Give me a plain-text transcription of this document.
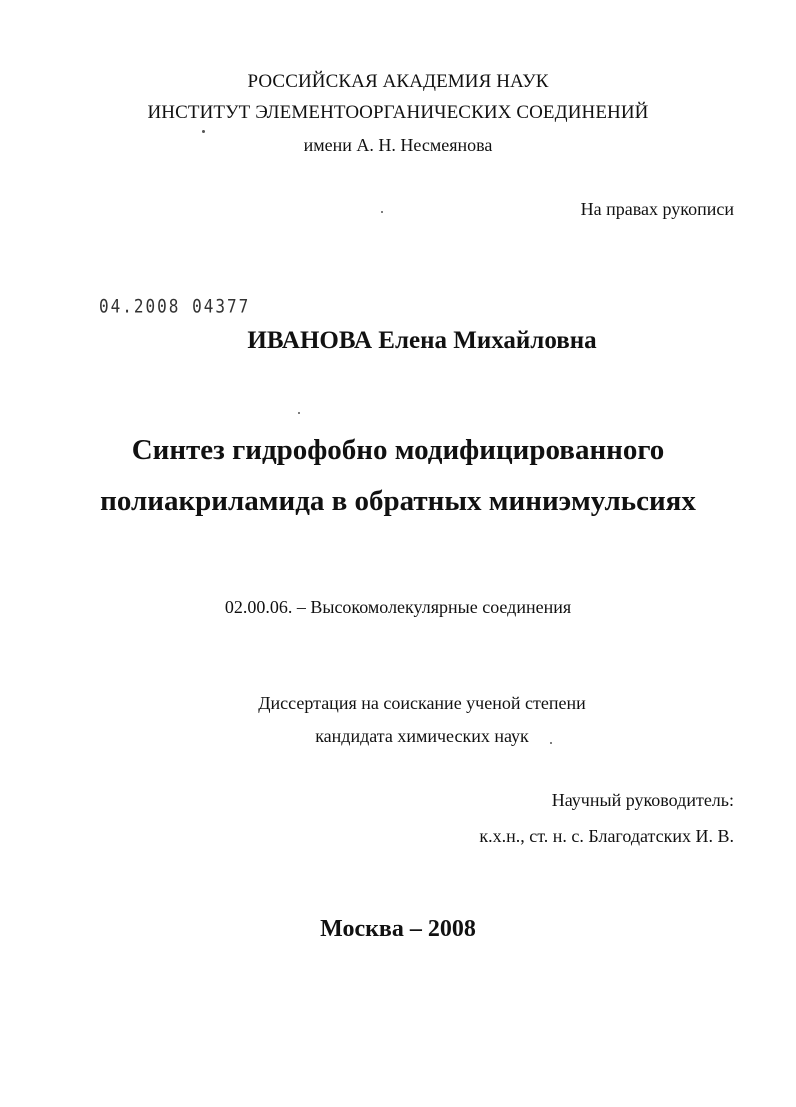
РОССИЙСКАЯ АКАДЕМИЯ НАУК
ИНСТИТУТ ЭЛЕМЕНТООРГАНИЧЕСКИХ СОЕДИНЕНИЙ
имени А. Н. Несмеянова
На правах рукописи
04.2008 04377
ИВАНОВА Елена Михайловна
Синтез гидрофобно модифицированного
полиакриламида в обратных миниэмульсиях
02.00.06. – Высокомолекулярные соединения
Диссертация на соискание ученой степени
кандидата химических наук
Научный руководитель:
к.х.н., ст. н. с. Благодатских И. В.
Москва – 2008
